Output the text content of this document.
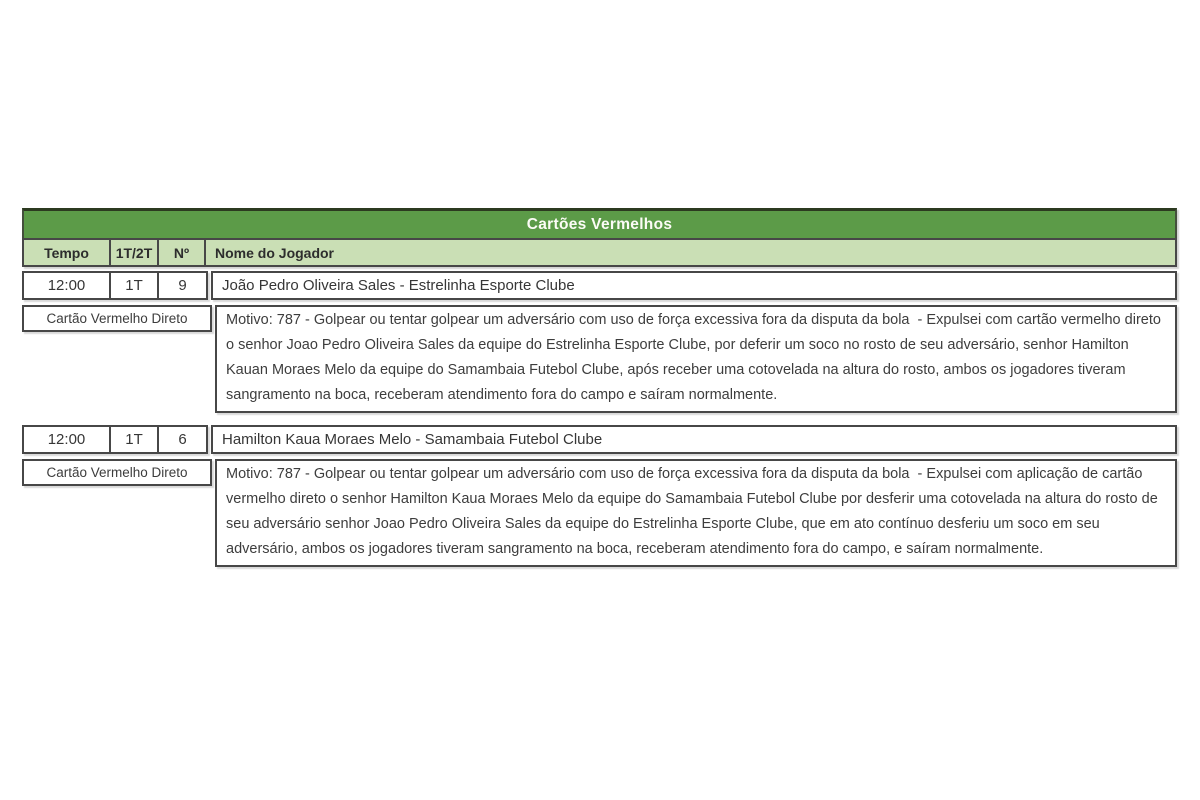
Cartões Vermelhos
Tempo	1T/2T	Nº	Nome do Jogador
12:00	1T	9	João Pedro Oliveira Sales - Estrelinha Esporte Clube
Cartão Vermelho Direto	Motivo: 787 - Golpear ou tentar golpear um adversário com uso de força excessiva fora da disputa da bola  - Expulsei com cartão vermelho direto o senhor Joao Pedro Oliveira Sales da equipe do Estrelinha Esporte Clube, por deferir um soco no rosto de seu adversário, senhor Hamilton Kauan Moraes Melo da equipe do Samambaia Futebol Clube, após receber uma cotovelada na altura do rosto, ambos os jogadores tiveram sangramento na boca, receberam atendimento fora do campo e saíram normalmente.
12:00	1T	6	Hamilton Kaua Moraes Melo - Samambaia Futebol Clube
Cartão Vermelho Direto	Motivo: 787 - Golpear ou tentar golpear um adversário com uso de força excessiva fora da disputa da bola  - Expulsei com aplicação de cartão vermelho direto o senhor Hamilton Kaua Moraes Melo da equipe do Samambaia Futebol Clube por desferir uma cotovelada na altura do rosto de seu adversário senhor Joao Pedro Oliveira Sales da equipe do Estrelinha Esporte Clube, que em ato contínuo desferiu um soco em seu adversário, ambos os jogadores tiveram sangramento na boca, receberam atendimento fora do campo, e saíram normalmente.
